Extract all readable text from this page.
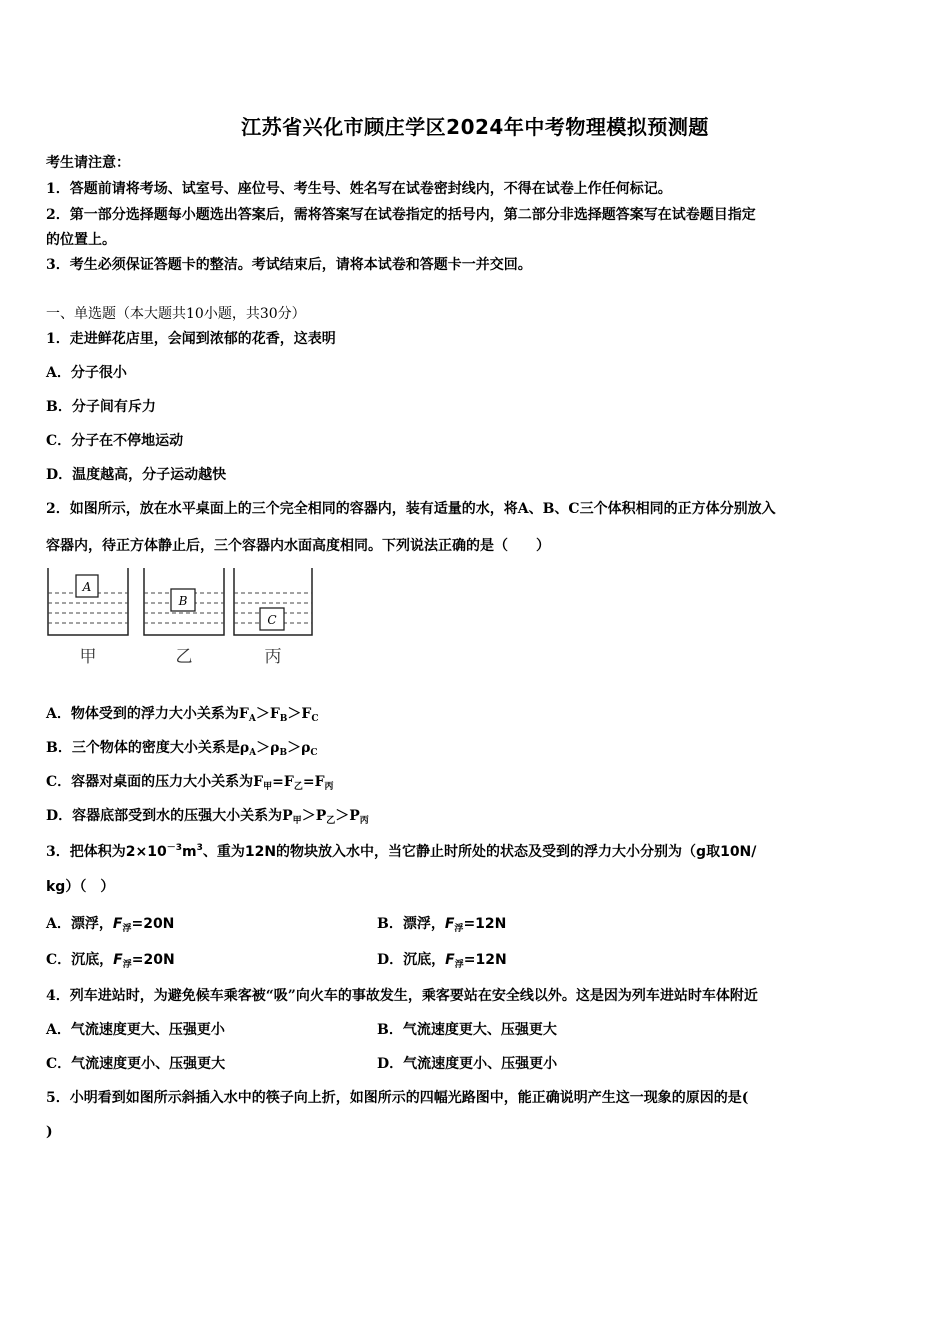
江苏省兴化市顾庄学区2024年中考物理模拟预测题
考生请注意：
1．答题前请将考场、试室号、座位号、考生号、姓名写在试卷密封线内，不得在试卷上作任何标记。
2．第一部分选择题每小题选出答案后，需将答案写在试卷指定的括号内，第二部分非选择题答案写在试卷题目指定
的位置上。
3．考生必须保证答题卡的整洁。考试结束后，请将本试卷和答题卡一并交回。
一、单选题（本大题共10小题，共30分）
1．走进鲜花店里，会闻到浓郁的花香，这表明
A．分子很小
B．分子间有斥力
C．分子在不停地运动
D．温度越高，分子运动越快
2．如图所示，放在水平桌面上的三个完全相同的容器内，装有适量的水，将A、B、C三个体积相同的正方体分别放入
容器内，待正方体静止后，三个容器内水面高度相同。下列说法正确的是（　　）
A
B
C
甲	乙	丙
A．物体受到的浮力大小关系为$F_A>F_B>F_C$
B．三个物体的密度大小关系是$\rho_A>\rho_B>\rho_C$
C．容器对桌面的压力大小关系为$F_甲=F_乙=F_丙$
D．容器底部受到水的压强大小关系为$P_甲>P_乙>P_丙$
3．把体积为$2\times 10^{-3}m^3$、重为12N的物块放入水中，当它静止时所处的状态及受到的浮力大小分别为（g取10N/
kg）（　）
A．漂浮，$F_浮=20N$	B．漂浮，$F_浮=12N$
C．沉底，$F_浮=20N$	D．沉底，$F_浮=12N$
4．列车进站时，为避免候车乘客被“吸”向火车的事故发生，乘客要站在安全线以外。这是因为列车进站时车体附近
A．气流速度更大、压强更小	B．气流速度更大、压强更大
C．气流速度更小、压强更大	D．气流速度更小、压强更小
5．小明看到如图所示斜插入水中的筷子向上折，如图所示的四幅光路图中，能正确说明产生这一现象的原因的是(
)
